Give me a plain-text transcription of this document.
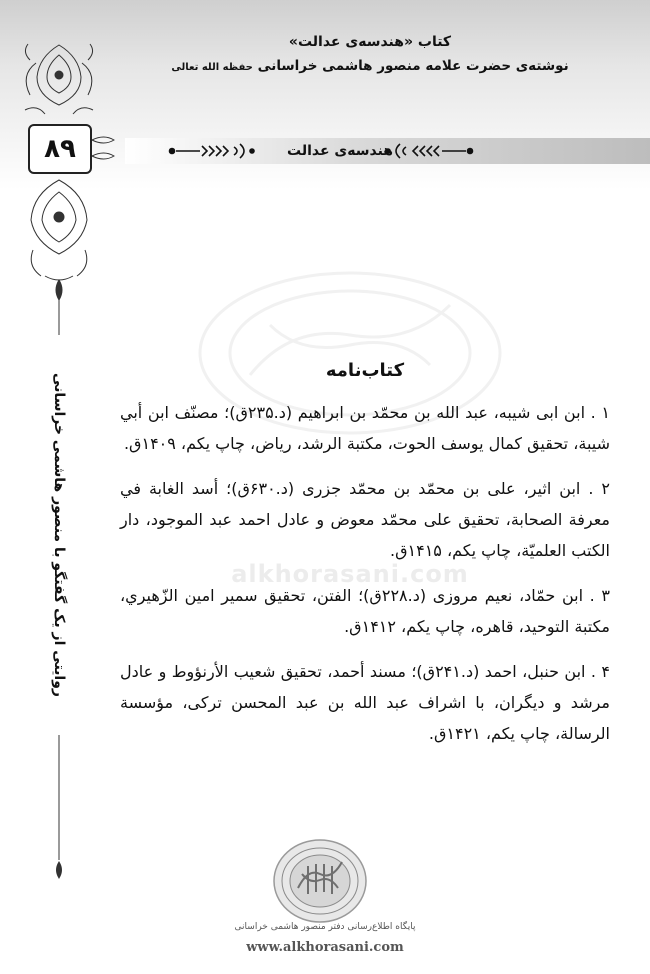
کتاب «هندسه‌ی عدالت»
نوشته‌ی حضرت علامه منصور هاشمی خراسانی حفظه الله تعالی
هندسه‌ی عدالت
۸۹
روایتی از یک گفتگو با منصور هاشمی خراسانی	alkhorasani.com
کتاب‌نامه

۱ . ابن ابی شیبه، عبد الله بن محمّد بن ابراهیم (د.۲۳۵ق)؛ مصنّف ابن أبي شيبة، تحقیق کمال یوسف الحوت، مكتبة الرشد، ریاض، چاپ یکم، ۱۴۰۹ق.

۲ . ابن اثیر، علی بن محمّد بن محمّد جزری (د.۶۳۰ق)؛ أسد الغابة في معرفة الصحابة، تحقیق علی محمّد معوض و عادل احمد عبد الموجود، دار الکتب العلميّة، چاپ یکم، ۱۴۱۵ق.

۳ . ابن حمّاد، نعیم مروزی (د.۲۲۸ق)؛ الفتن، تحقیق سمیر امین الزّهيري، مكتبة التوحيد، قاهره، چاپ یکم، ۱۴۱۲ق.

۴ . ابن حنبل، احمد (د.۲۴۱ق)؛ مسند أحمد، تحقیق شعيب الأرنؤوط و عادل مرشد و دیگران، با اشراف عبد الله بن عبد المحسن ترکی، مؤسسة الرسالة، چاپ یکم، ۱۴۲۱ق.

پایگاه اطلاع‌رسانی دفتر منصور هاشمی خراسانی
www.alkhorasani.com
